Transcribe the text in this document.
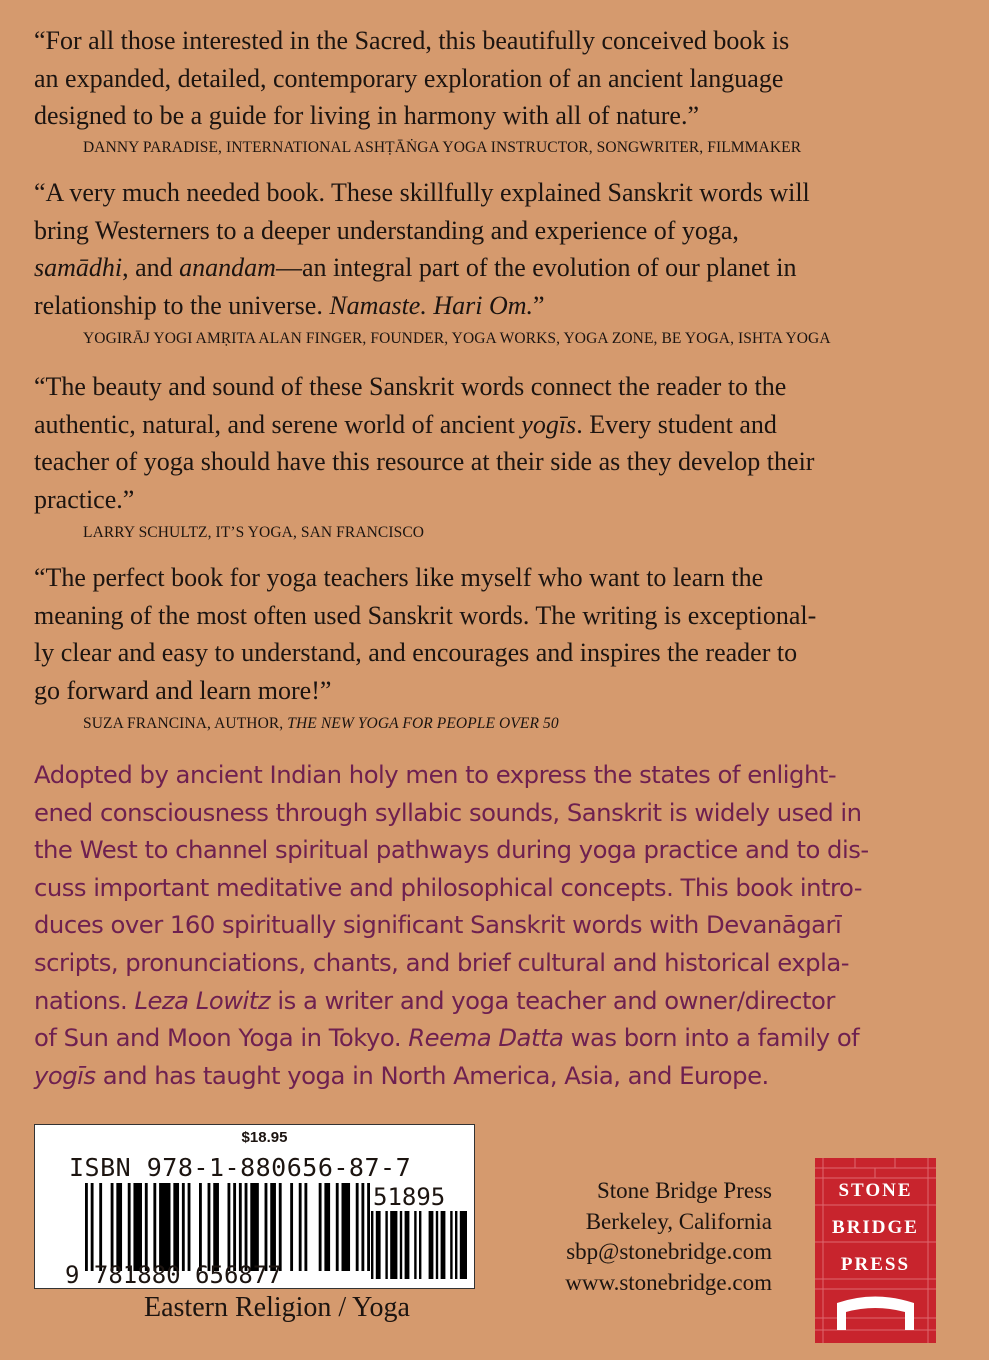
“For all those interested in the Sacred, this beautifully conceived book is
an expanded, detailed, contemporary exploration of an ancient language
designed to be a guide for living in harmony with all of nature.”

DANNY PARADISE, INTERNATIONAL ASHṬĀṄGA YOGA INSTRUCTOR, SONGWRITER, FILMMAKER

“A very much needed book. These skillfully explained Sanskrit words will
bring Westerners to a deeper understanding and experience of yoga,
samādhi, and anandam—an integral part of the evolution of our planet in
relationship to the universe. Namaste. Hari Om.”

YOGIRĀJ YOGI AMṚITA ALAN FINGER, FOUNDER, YOGA WORKS, YOGA ZONE, BE YOGA, ISHTA YOGA

“The beauty and sound of these Sanskrit words connect the reader to the
authentic, natural, and serene world of ancient yogīs. Every student and
teacher of yoga should have this resource at their side as they develop their
practice.”

LARRY SCHULTZ, IT’S YOGA, SAN FRANCISCO

“The perfect book for yoga teachers like myself who want to learn the
meaning of the most often used Sanskrit words. The writing is exceptional-
ly clear and easy to understand, and encourages and inspires the reader to
go forward and learn more!”

SUZA FRANCINA, AUTHOR, THE NEW YOGA FOR PEOPLE OVER 50

Adopted by ancient Indian holy men to express the states of enlight-
ened consciousness through syllabic sounds, Sanskrit is widely used in
the West to channel spiritual pathways during yoga practice and to dis-
cuss important meditative and philosophical concepts. This book intro-
duces over 160 spiritually significant Sanskrit words with Devanāgarī
scripts, pronunciations, chants, and brief cultural and historical expla-
nations. Leza Lowitz is a writer and yoga teacher and owner/director
of Sun and Moon Yoga in Tokyo. Reema Datta was born into a family of
yogīs and has taught yoga in North America, Asia, and Europe.

$18.95
ISBN 978-1-880656-87-7
51895
9 781880 656877
Eastern Religion / Yoga
Stone Bridge Press
Berkeley, California
sbp@stonebridge.com
www.stonebridge.com
STONE
BRIDGE
PRESS
